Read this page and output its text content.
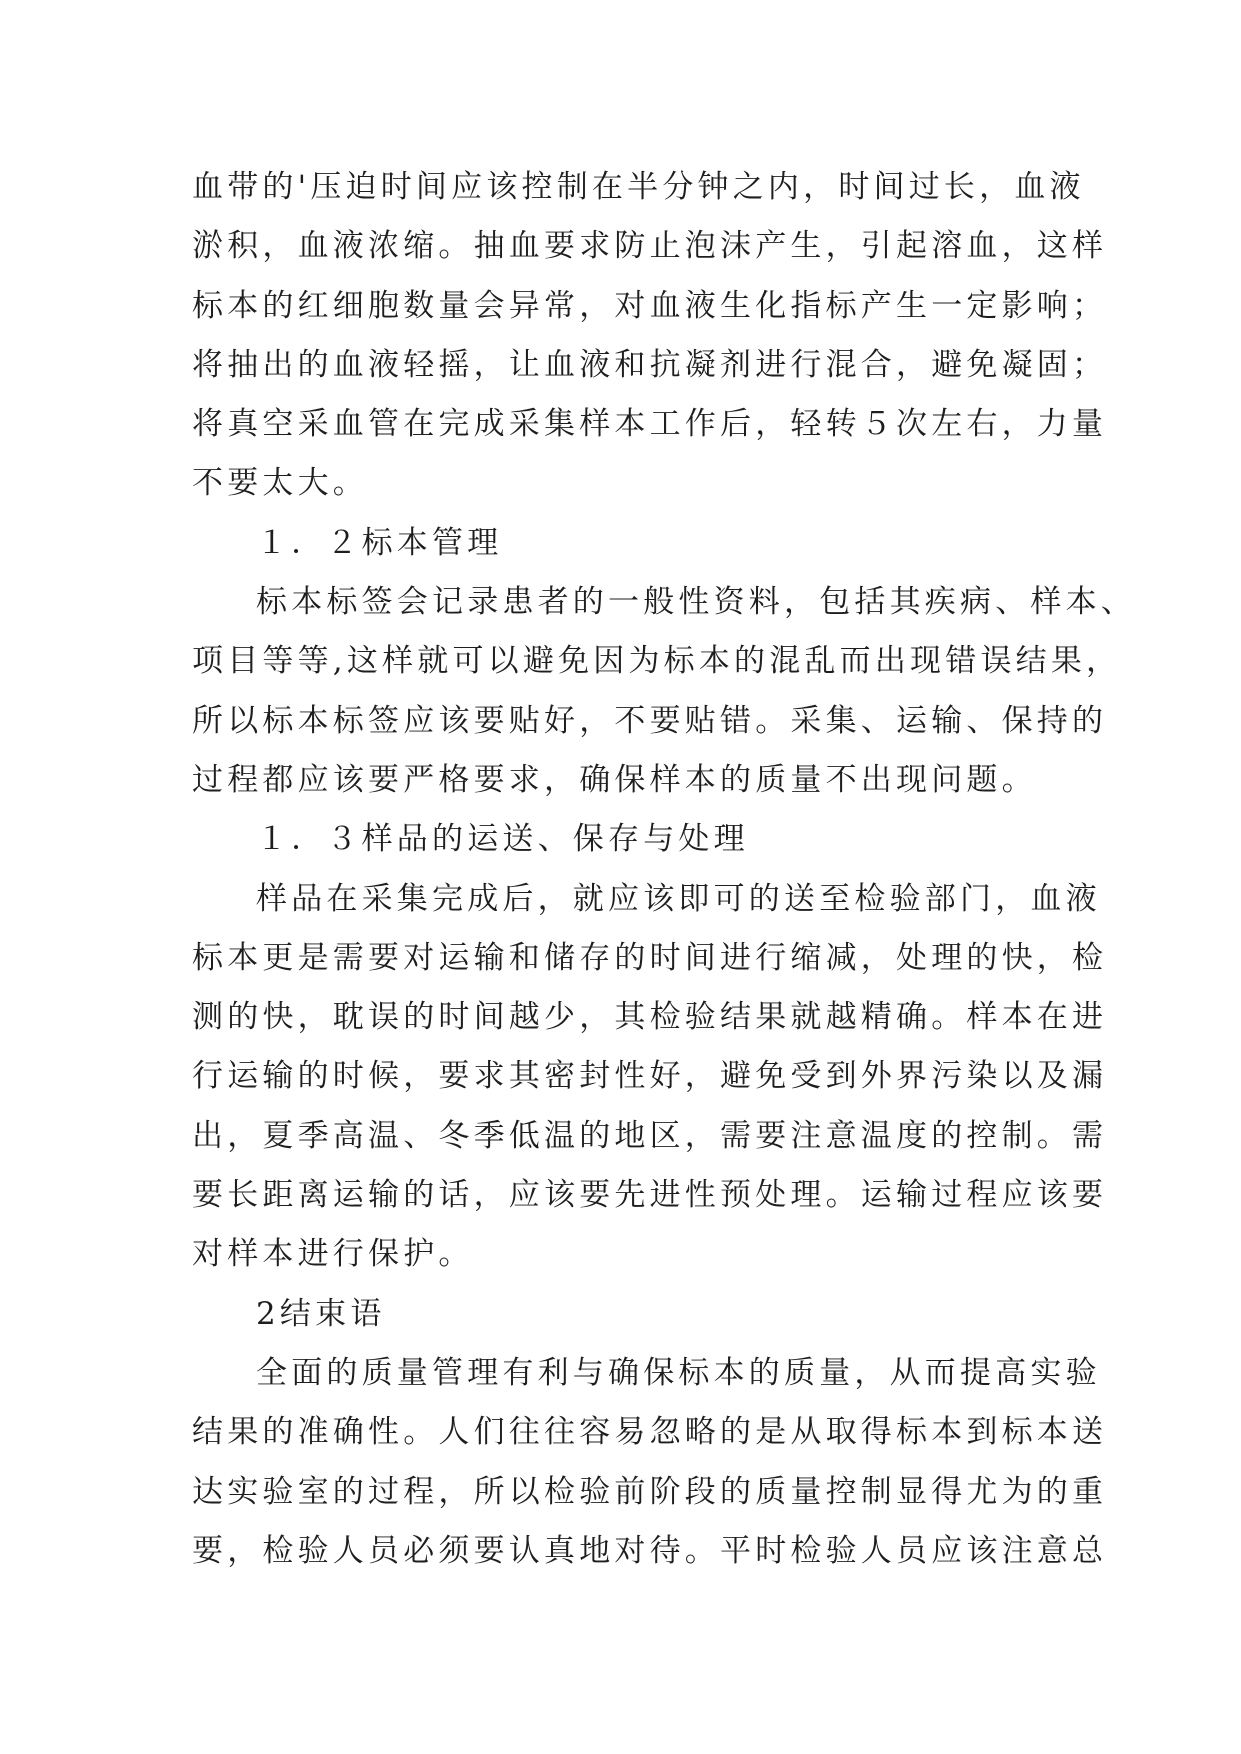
血带的'压迫时间应该控制在半分钟之内，时间过长，血液
淤积，血液浓缩。抽血要求防止泡沫产生，引起溶血，这样
标本的红细胞数量会异常，对血液生化指标产生一定影响；
将抽出的血液轻摇，让血液和抗凝剂进行混合，避免凝固；
将真空采血管在完成采集样本工作后，轻转５次左右，力量
不要太大。
１．２标本管理
标本标签会记录患者的一般性资料，包括其疾病、样本、
项目等等,这样就可以避免因为标本的混乱而出现错误结果，
所以标本标签应该要贴好，不要贴错。采集、运输、保持的
过程都应该要严格要求，确保样本的质量不出现问题。
１．３样品的运送、保存与处理
样品在采集完成后，就应该即可的送至检验部门，血液
标本更是需要对运输和储存的时间进行缩减，处理的快，检
测的快，耽误的时间越少，其检验结果就越精确。样本在进
行运输的时候，要求其密封性好，避免受到外界污染以及漏
出，夏季高温、冬季低温的地区，需要注意温度的控制。需
要长距离运输的话，应该要先进性预处理。运输过程应该要
对样本进行保护。
2结束语
全面的质量管理有利与确保标本的质量，从而提高实验
结果的准确性。人们往往容易忽略的是从取得标本到标本送
达实验室的过程，所以检验前阶段的质量控制显得尤为的重
要，检验人员必须要认真地对待。平时检验人员应该注意总
